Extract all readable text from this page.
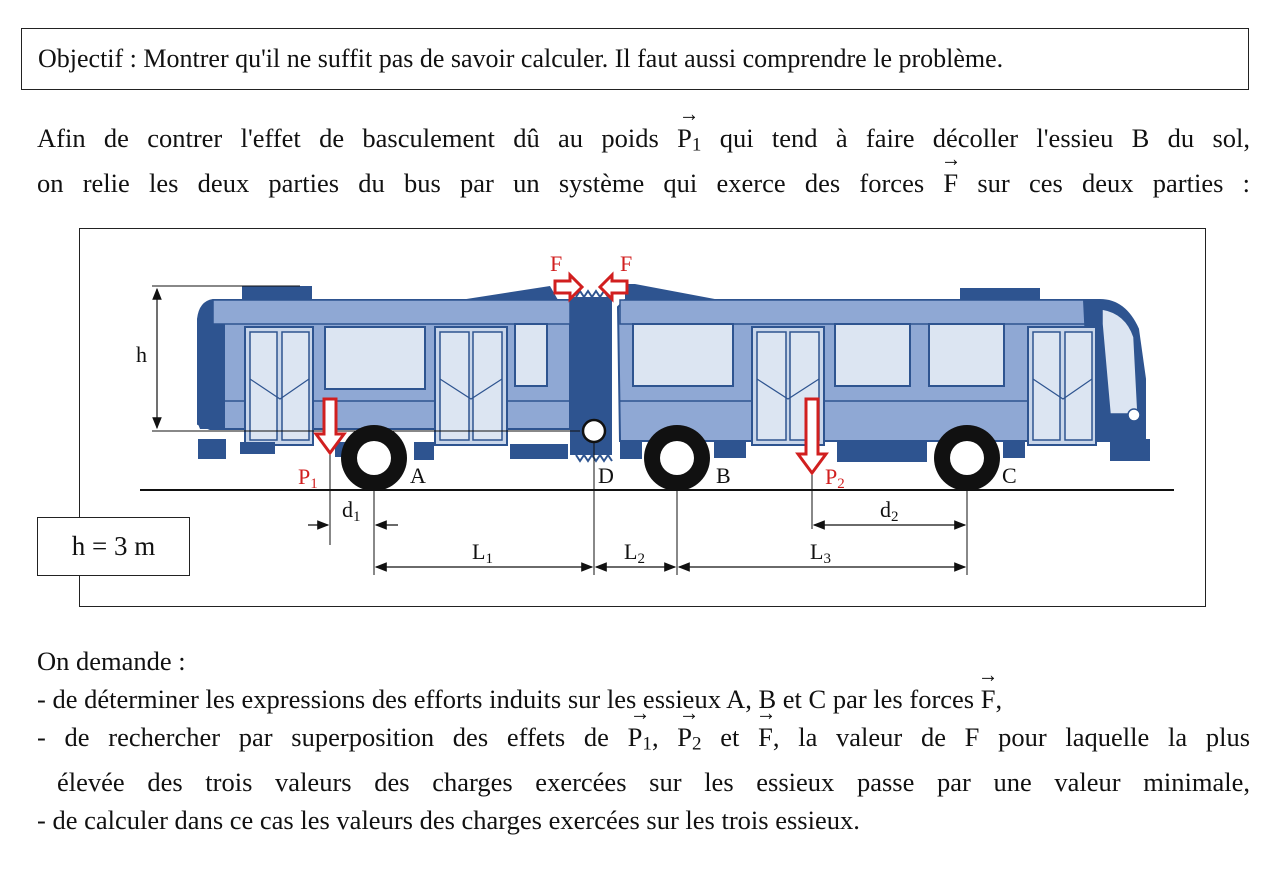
Objectif : Montrer qu'il ne suffit pas de savoir calculer. Il faut aussi comprendre le problème.
Afin de contrer l'effet de basculement dû au poids → P1 qui tend à faire décoller l'essieu B du sol,
on relie les deux parties du bus par un système qui exerce des forces → F sur ces deux parties :
h
F	F
P1	P2
A	D	B	C
d1	d2
L1	L2	L3
h = 3 m
On demande :
- de déterminer les expressions des efforts induits sur les essieux A, B et C par les forces → F,
- de rechercher par superposition des effets de → P1, → P2 et → F, la valeur de F pour laquelle la plus
élevée des trois valeurs des charges exercées sur les essieux passe par une valeur minimale,
- de calculer dans ce cas les valeurs des charges exercées sur les trois essieux.
